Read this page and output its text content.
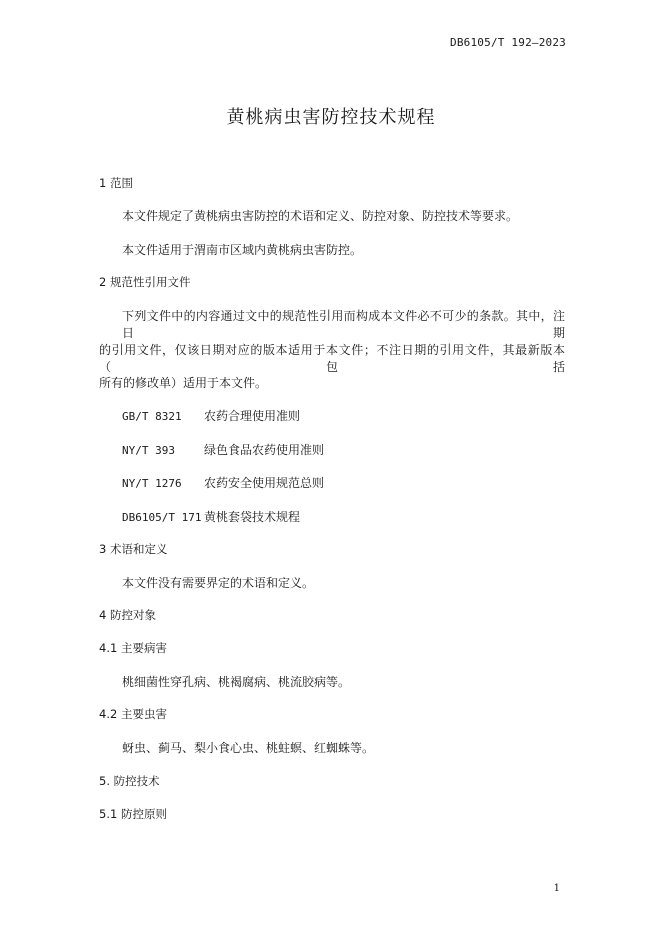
DB6105/T 192—2023
黄桃病虫害防控技术规程
1 范围
本文件规定了黄桃病虫害防控的术语和定义、防控对象、防控技术等要求。
本文件适用于渭南市区域内黄桃病虫害防控。
2 规范性引用文件
下列文件中的内容通过文中的规范性引用而构成本文件必不可少的条款。其中，注日期
的引用文件，仅该日期对应的版本适用于本文件；不注日期的引用文件，其最新版本（包括
所有的修改单）适用于本文件。
GB/T 8321 农药合理使用准则
NY/T 393 绿色食品农药使用准则
NY/T 1276 农药安全使用规范总则
DB6105/T 171 黄桃套袋技术规程
3 术语和定义
本文件没有需要界定的术语和定义。
4 防控对象
4.1 主要病害
桃细菌性穿孔病、桃褐腐病、桃流胶病等。
4.2 主要虫害
蚜虫、蓟马、梨小食心虫、桃蛀螟、红蜘蛛等。
5. 防控技术
5.1 防控原则
1
